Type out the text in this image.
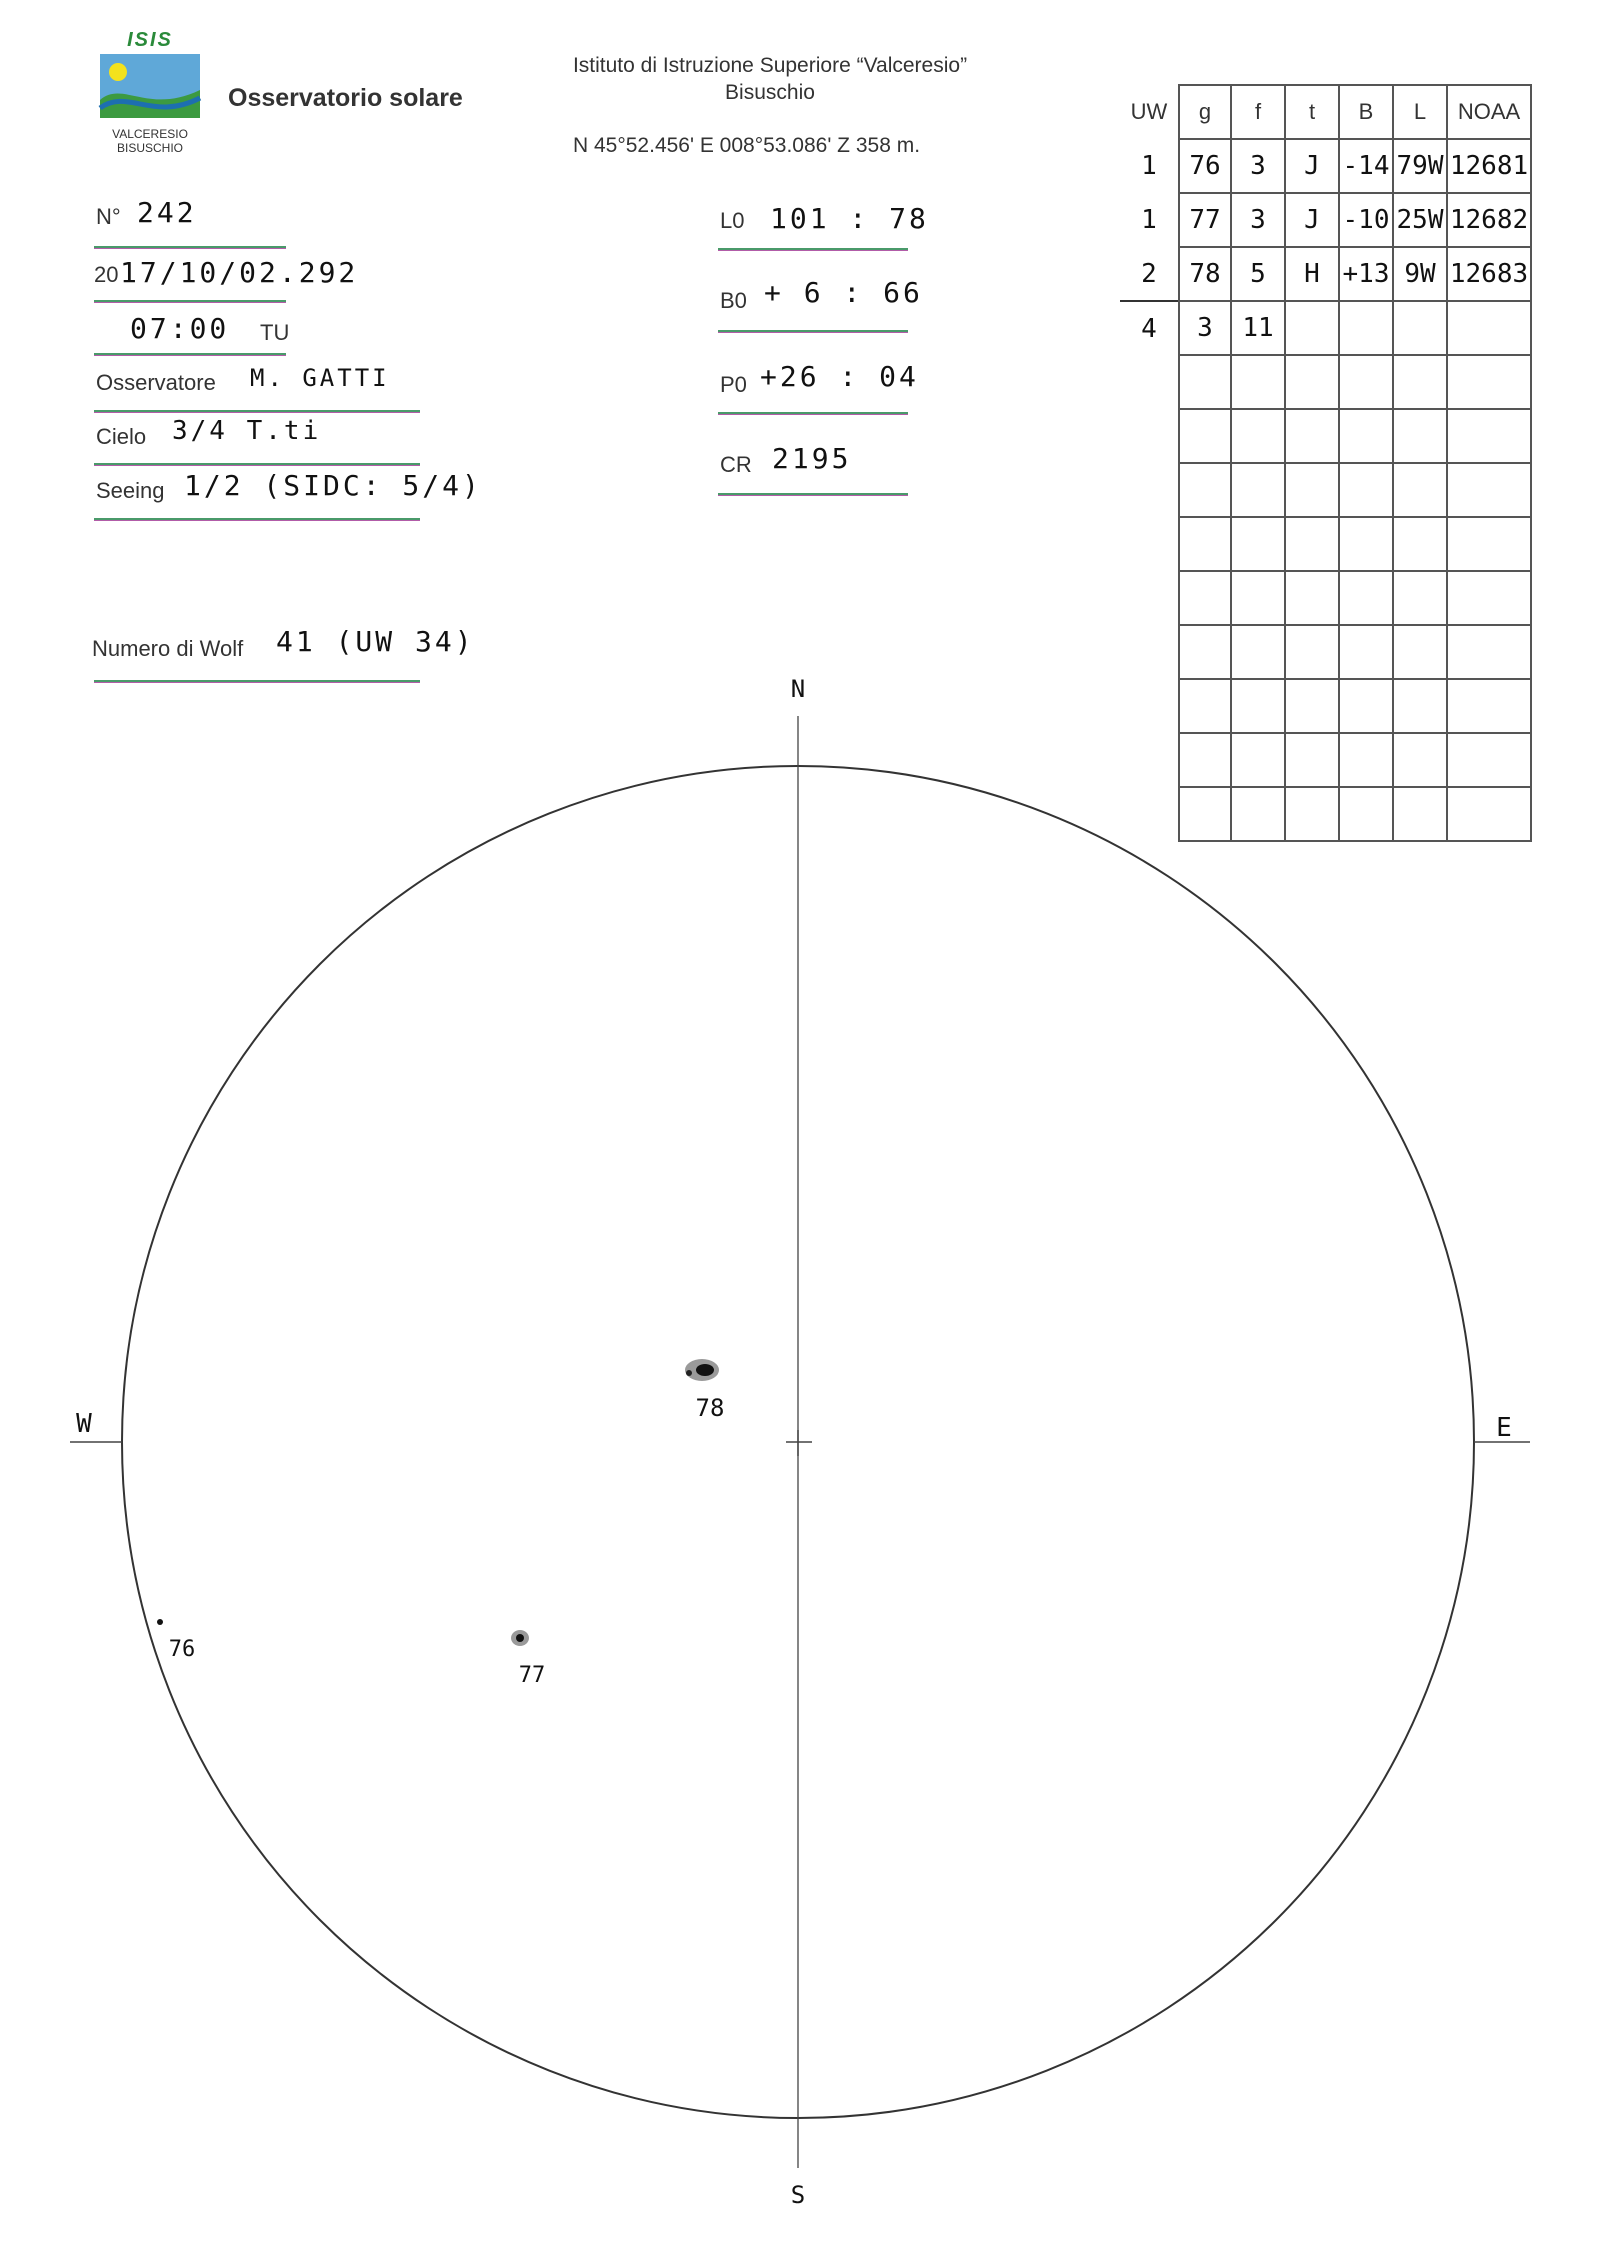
ISIS
VALCERESIO
BISUSCHIO
Osservatorio solare
Istituto di Istruzione Superiore “Valceresio”
Bisuschio
N 45°52.456' E 008°53.086' Z 358 m.
N° 242
20 17/10/02.292
07:00 TU
Osservatore M. GATTI
Cielo 3/4 T.ti
Seeing 1/2 (SIDC: 5/4)
Numero di Wolf 41 (UW 34)
L0 101 : 78
B0 + 6 : 66
P0 +26 : 04
CR 2195
UW	g	f	t	B	L	NOAA
1	76	3	J	-14	79W	12681
1	77	3	J	-10	25W	12682
2	78	5	H	+13	9W	12683
4	3	11				

N
S
E
W
78
77
76
